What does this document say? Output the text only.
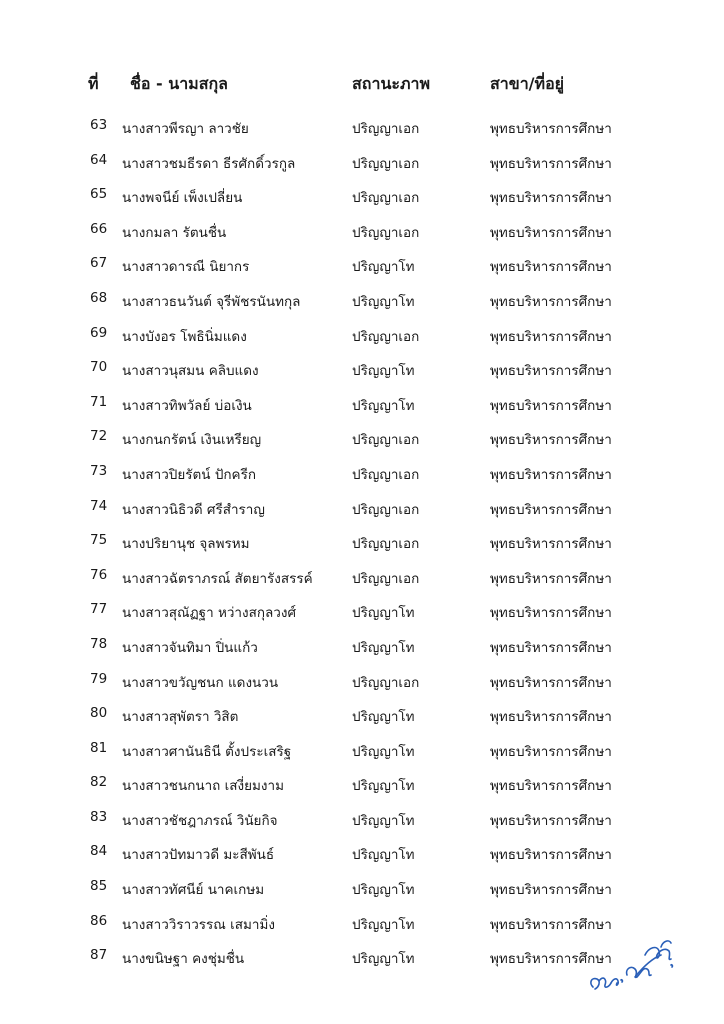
ที่ ชื่อ - นามสกุล	สถานะภาพ	สาขา/ที่อยู่
63	นางสาวพีรญา ลาวชัย	ปริญญาเอก	พุทธบริหารการศึกษา
64	นางสาวชมธีรดา ธีรศักดิ์วรกูล	ปริญญาเอก	พุทธบริหารการศึกษา
65	นางพจนีย์ เพ็งเปลี่ยน	ปริญญาเอก	พุทธบริหารการศึกษา
66	นางกมลา รัตนชื่น	ปริญญาเอก	พุทธบริหารการศึกษา
67	นางสาวดารณี นิยากร	ปริญญาโท	พุทธบริหารการศึกษา
68	นางสาวธนวันต์ จุรีพัชรนันทกุล	ปริญญาโท	พุทธบริหารการศึกษา
69	นางบังอร โพธินิ่มแดง	ปริญญาเอก	พุทธบริหารการศึกษา
70	นางสาวนุสมน คลิบแดง	ปริญญาโท	พุทธบริหารการศึกษา
71	นางสาวทิพวัลย์ บ่อเงิน	ปริญญาโท	พุทธบริหารการศึกษา
72	นางกนกรัตน์ เงินเหรียญ	ปริญญาเอก	พุทธบริหารการศึกษา
73	นางสาวปิยรัตน์ ปักครีก	ปริญญาเอก	พุทธบริหารการศึกษา
74	นางสาวนิธิวดี ศรีสำราญ	ปริญญาเอก	พุทธบริหารการศึกษา
75	นางปริยานุช จุลพรหม	ปริญญาเอก	พุทธบริหารการศึกษา
76	นางสาวฉัตราภรณ์ สัตยารังสรรค์	ปริญญาเอก	พุทธบริหารการศึกษา
77	นางสาวสุณัฏฐา หว่างสกุลวงศ์	ปริญญาโท	พุทธบริหารการศึกษา
78	นางสาวจันทิมา ปิ่นแก้ว	ปริญญาโท	พุทธบริหารการศึกษา
79	นางสาวขวัญชนก แดงนวน	ปริญญาเอก	พุทธบริหารการศึกษา
80	นางสาวสุพัตรา วิสิต	ปริญญาโท	พุทธบริหารการศึกษา
81	นางสาวศานันธินี ตั้งประเสริฐ	ปริญญาโท	พุทธบริหารการศึกษา
82	นางสาวชนกนาถ เสงี่ยมงาม	ปริญญาโท	พุทธบริหารการศึกษา
83	นางสาวชัชฎาภรณ์ วินัยกิจ	ปริญญาโท	พุทธบริหารการศึกษา
84	นางสาวปัทมาวดี มะสีพันธ์	ปริญญาโท	พุทธบริหารการศึกษา
85	นางสาวทัศนีย์ นาคเกษม	ปริญญาโท	พุทธบริหารการศึกษา
86	นางสาววิราวรรณ เสมามิ่ง	ปริญญาโท	พุทธบริหารการศึกษา
87	นางขนิษฐา คงชุ่มชื่น	ปริญญาโท	พุทธบริหารการศึกษา
